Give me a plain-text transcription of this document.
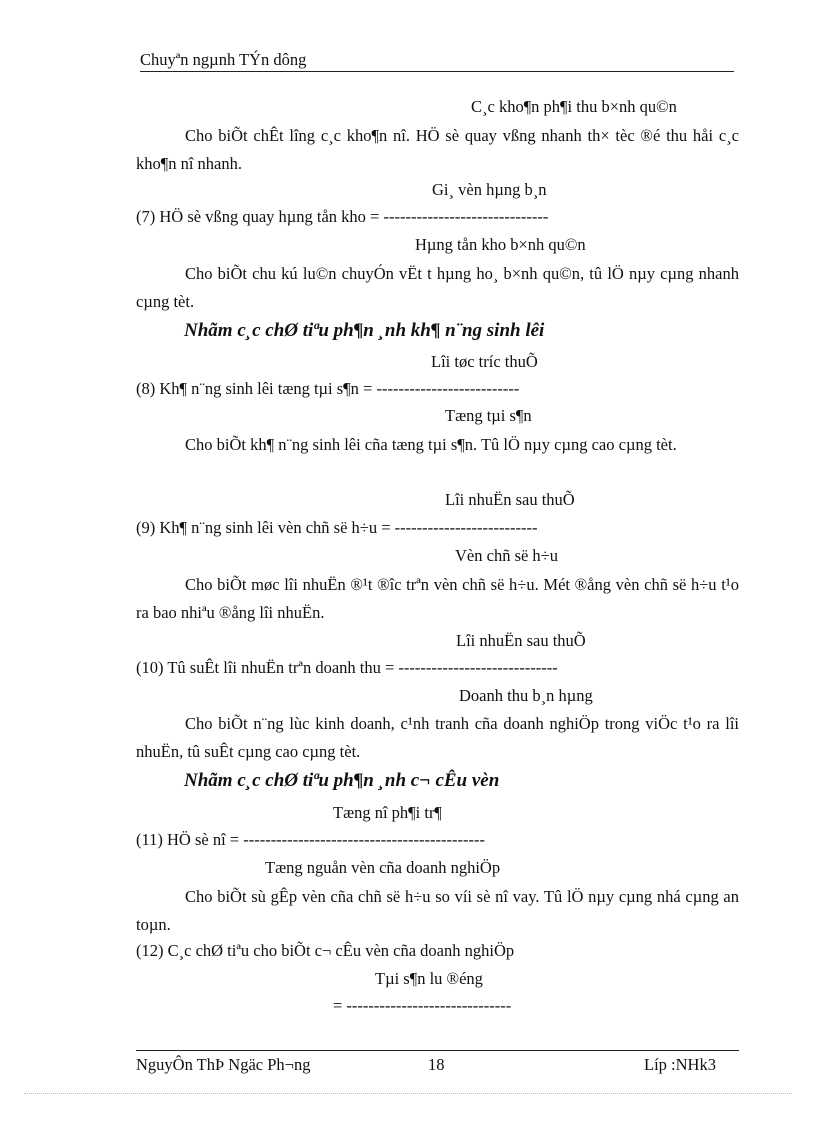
Chuyªn ngµnh TÝn dông
C¸c kho¶n ph¶i thu b×nh qu©n
Cho biÕt chÊt lîng c¸c kho¶n nî. HÖ sè quay vßng nhanh th× tèc ®é thu håi c¸c kho¶n nî nhanh.
Gi¸ vèn hµng b¸n
(7) HÖ sè vßng quay hµng tån kho = ------------------------------
Hµng tån kho b×nh qu©n
Cho biÕt chu kú lu©n chuyÓn vËt t hµng ho¸ b×nh qu©n, tû lÖ nµy cµng nhanh cµng tèt.
Nhãm c¸c chØ tiªu ph¶n ¸nh kh¶ n¨ng sinh lêi
Lîi tøc tríc thuÕ
(8) Kh¶ n¨ng sinh lêi tæng tµi s¶n = --------------------------
Tæng tµi s¶n
Cho biÕt kh¶ n¨ng sinh lêi cña tæng tµi s¶n. Tû lÖ nµy cµng cao cµng tèt.
Lîi nhuËn sau thuÕ
(9) Kh¶ n¨ng sinh lêi vèn chñ së h÷u = --------------------------
Vèn chñ së h÷u
Cho biÕt møc lîi nhuËn ®¹t ®îc trªn vèn chñ së h÷u. Mét ®ång vèn chñ së h÷u t¹o ra bao nhiªu ®ång lîi nhuËn.
Lîi nhuËn sau thuÕ
(10) Tû suÊt lîi nhuËn trªn doanh thu = -----------------------------
Doanh thu b¸n hµng
Cho biÕt n¨ng lùc kinh doanh, c¹nh tranh cña doanh nghiÖp trong viÖc t¹o ra lîi nhuËn, tû suÊt cµng cao cµng tèt.
Nhãm c¸c chØ tiªu ph¶n ¸nh c¬ cÊu vèn
Tæng nî ph¶i tr¶
(11) HÖ sè nî = --------------------------------------------
Tæng nguån vèn cña doanh nghiÖp
Cho biÕt sù gÊp vèn cña chñ së h÷u so víi sè nî vay. Tû lÖ nµy cµng nhá cµng an toµn.
(12) C¸c chØ tiªu cho biÕt c¬ cÊu vèn cña doanh nghiÖp
Tµi s¶n lu ®éng
= ------------------------------
NguyÔn ThÞ Ngäc Ph¬ng	18	Líp :NHk3
